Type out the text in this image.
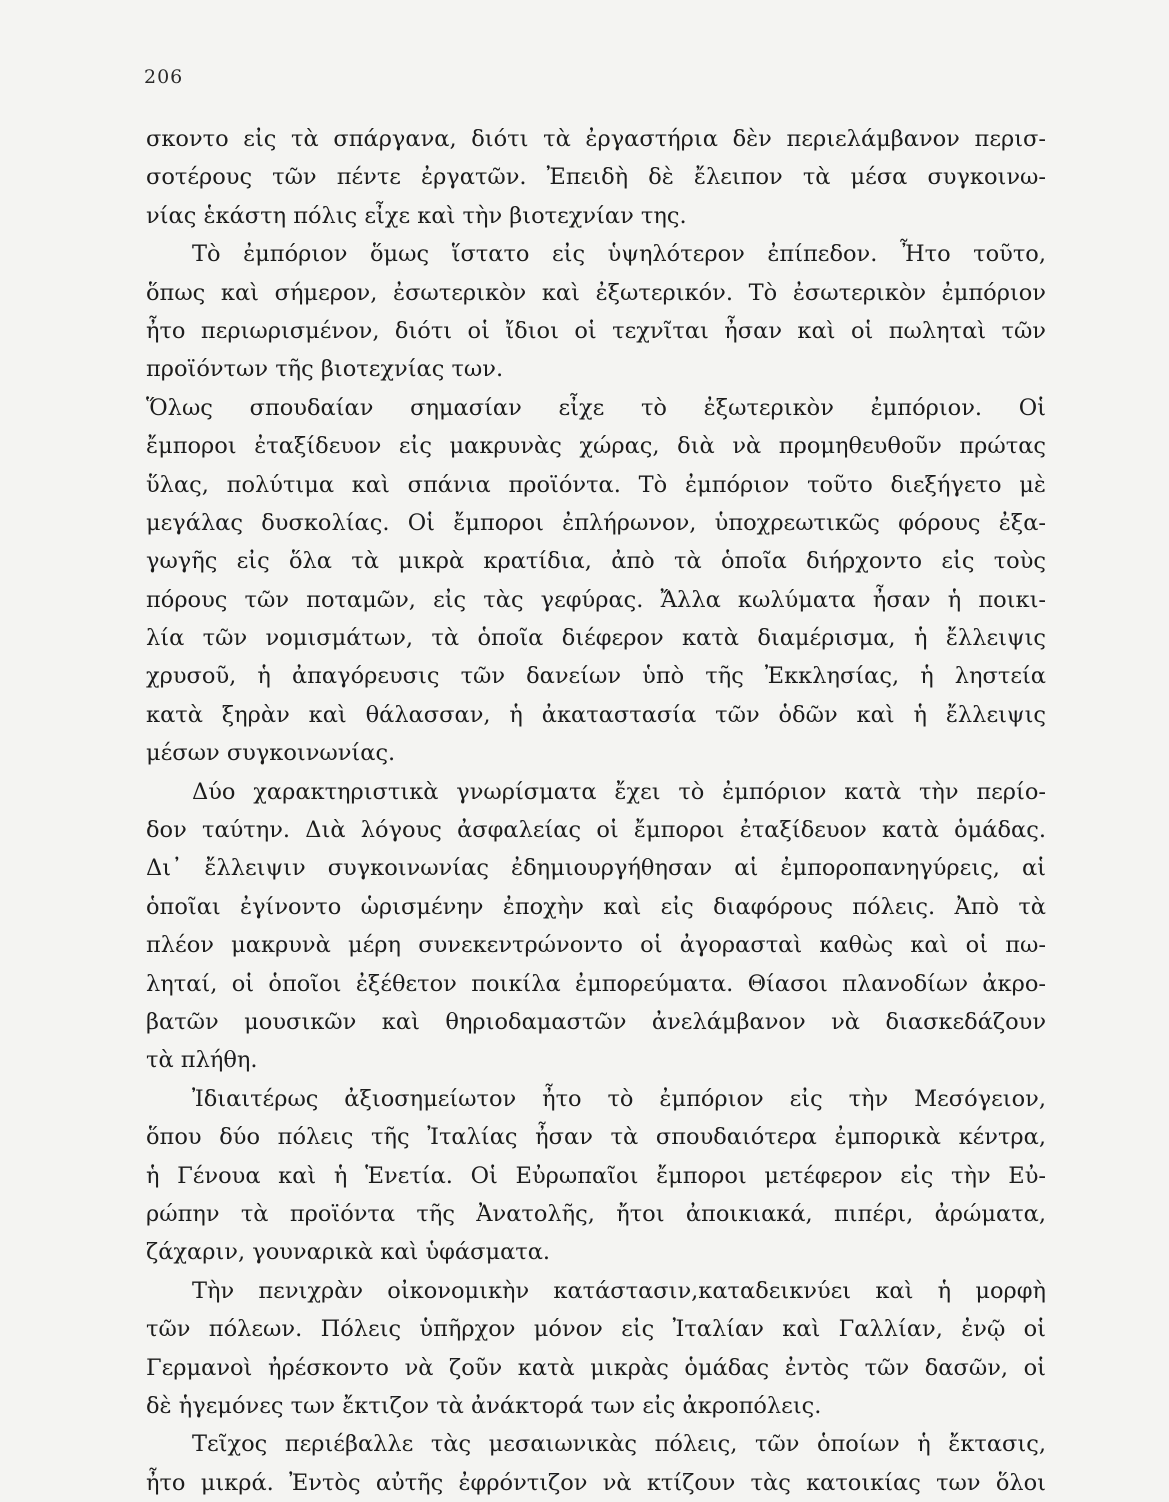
206
σκοντο εἰς τὰ σπάργανα, διότι τὰ ἐργαστήρια δὲν περιελάμβανον περισ-
σοτέρους τῶν πέντε ἐργατῶν. Ἐπειδὴ δὲ ἔλειπον τὰ μέσα συγκοινω-
νίας ἑκάστη πόλις εἶχε καὶ τὴν βιοτεχνίαν της.
Τὸ ἐμπόριον ὅμως ἵστατο εἰς ὑψηλότερον ἐπίπεδον. Ἦτο τοῦτο,
ὅπως καὶ σήμερον, ἐσωτερικὸν καὶ ἐξωτερικόν. Τὸ ἐσωτερικὸν ἐμπόριον
ἦτο περιωρισμένον, διότι οἱ ἴδιοι οἱ τεχνῖται ἦσαν καὶ οἱ πωληταὶ τῶν
προϊόντων τῆς βιοτεχνίας των.
Ὅλως σπουδαίαν σημασίαν εἶχε τὸ ἐξωτερικὸν ἐμπόριον. Οἱ
ἔμποροι ἐταξίδευον εἰς μακρυνὰς χώρας, διὰ νὰ προμηθευθοῦν πρώτας
ὕλας, πολύτιμα καὶ σπάνια προϊόντα. Τὸ ἐμπόριον τοῦτο διεξήγετο μὲ
μεγάλας δυσκολίας. Οἱ ἔμποροι ἐπλήρωνον, ὑποχρεωτικῶς φόρους ἐξα-
γωγῆς εἰς ὅλα τὰ μικρὰ κρατίδια, ἀπὸ τὰ ὁποῖα διήρχοντο εἰς τοὺς
πόρους τῶν ποταμῶν, εἰς τὰς γεφύρας. Ἄλλα κωλύματα ἦσαν ἡ ποικι-
λία τῶν νομισμάτων, τὰ ὁποῖα διέφερον κατὰ διαμέρισμα, ἡ ἔλλειψις
χρυσοῦ, ἡ ἀπαγόρευσις τῶν δανείων ὑπὸ τῆς Ἐκκλησίας, ἡ ληστεία
κατὰ ξηρὰν καὶ θάλασσαν, ἡ ἀκαταστασία τῶν ὁδῶν καὶ ἡ ἔλλειψις
μέσων συγκοινωνίας.
Δύο χαρακτηριστικὰ γνωρίσματα ἔχει τὸ ἐμπόριον κατὰ τὴν περίο-
δον ταύτην. Διὰ λόγους ἀσφαλείας οἱ ἔμποροι ἐταξίδευον κατὰ ὁμάδας.
Δι᾽ ἔλλειψιν συγκοινωνίας ἐδημιουργήθησαν αἱ ἐμποροπανηγύρεις, αἱ
ὁποῖαι ἐγίνοντο ὡρισμένην ἐποχὴν καὶ εἰς διαφόρους πόλεις. Ἀπὸ τὰ
πλέον μακρυνὰ μέρη συνεκεντρώνοντο οἱ ἀγορασταὶ καθὼς καὶ οἱ πω-
ληταί, οἱ ὁποῖοι ἐξέθετον ποικίλα ἐμπορεύματα. Θίασοι πλανοδίων ἀκρο-
βατῶν μουσικῶν καὶ θηριοδαμαστῶν ἀνελάμβανον νὰ διασκεδάζουν
τὰ πλήθη.
Ἰδιαιτέρως ἀξιοσημείωτον ἦτο τὸ ἐμπόριον εἰς τὴν Μεσόγειον,
ὅπου δύο πόλεις τῆς Ἰταλίας ἦσαν τὰ σπουδαιότερα ἐμπορικὰ κέντρα,
ἡ Γένουα καὶ ἡ Ἑνετία. Οἱ Εὐρωπαῖοι ἔμποροι μετέφερον εἰς τὴν Εὐ-
ρώπην τὰ προϊόντα τῆς Ἀνατολῆς, ἤτοι ἀποικιακά, πιπέρι, ἀρώματα,
ζάχαριν, γουναρικὰ καὶ ὑφάσματα.
Τὴν πενιχρὰν οἰκονομικὴν κατάστασιν,καταδεικνύει καὶ ἡ μορφὴ
τῶν πόλεων. Πόλεις ὑπῆρχον μόνον εἰς Ἰταλίαν καὶ Γαλλίαν, ἐνῷ οἱ
Γερμανοὶ ἠρέσκοντο νὰ ζοῦν κατὰ μικρὰς ὁμάδας ἐντὸς τῶν δασῶν, οἱ
δὲ ἡγεμόνες των ἔκτιζον τὰ ἀνάκτορά των εἰς ἀκροπόλεις.
Τεῖχος περιέβαλλε τὰς μεσαιωνικὰς πόλεις, τῶν ὁποίων ἡ ἔκτασις,
ἦτο μικρά. Ἐντὸς αὐτῆς ἐφρόντιζον νὰ κτίζουν τὰς κατοικίας των ὅλοι
